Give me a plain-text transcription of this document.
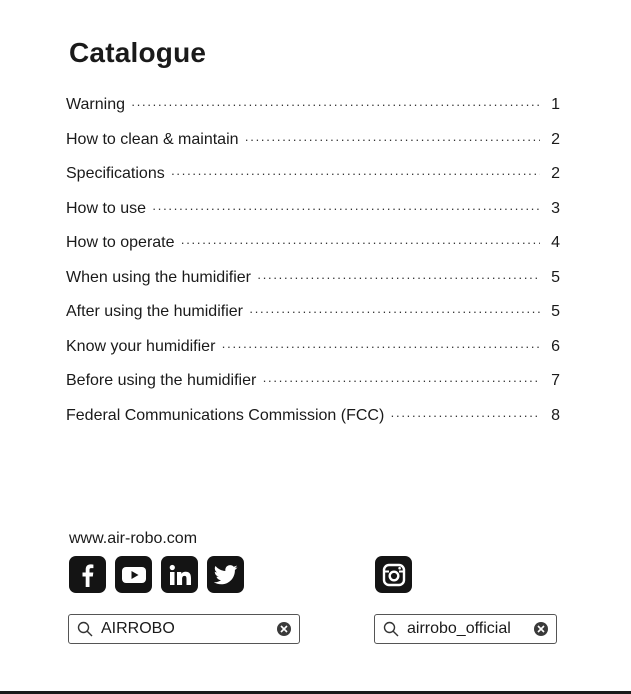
Catalogue
Warning ·····	1
How to clean & maintain ·····	2
Specifications ·····	2
How to use ·····	3
How to operate ·····	4
When using the humidifier ·····	5
After using the humidifier ·····	5
Know your humidifier ·····	6
Before using the humidifier ·····	7
Federal Communications Commission (FCC) ·····	8
www.air-robo.com
AIRROBO	airrobo_official
